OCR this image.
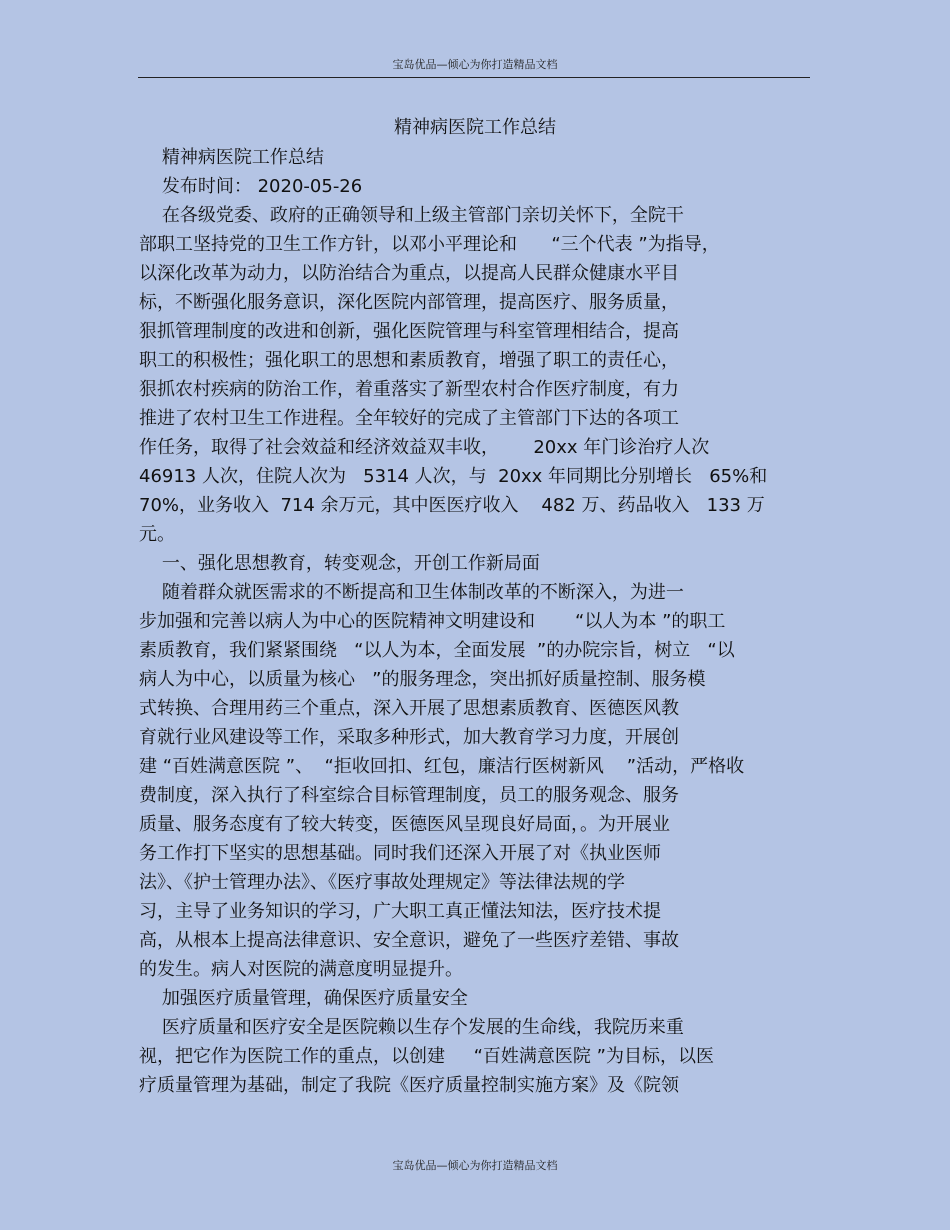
宝岛优品—倾心为你打造精品文档
精神病医院工作总结
精神病医院工作总结
发布时间： 2020-05-26
在各级党委、政府的正确领导和上级主管部门亲切关怀下，全院干
部职工坚持党的卫生工作方针，以邓小平理论和      “三个代表 ”为指导，
以深化改革为动力，以防治结合为重点，以提高人民群众健康水平目
标，不断强化服务意识，深化医院内部管理，提高医疗、服务质量，
狠抓管理制度的改进和创新，强化医院管理与科室管理相结合，提高
职工的积极性；强化职工的思想和素质教育，增强了职工的责任心，
狠抓农村疾病的防治工作，着重落实了新型农村合作医疗制度，有力
推进了农村卫生工作进程。全年较好的完成了主管部门下达的各项工
作任务，取得了社会效益和经济效益双丰收，      20xx 年门诊治疗人次
46913 人次，住院人次为   5314 人次，与  20xx 年同期比分别增长   65%和
70%，业务收入  714 余万元，其中医医疗收入    482 万、药品收入   133 万
元。
一、强化思想教育，转变观念，开创工作新局面
随着群众就医需求的不断提高和卫生体制改革的不断深入，为进一
步加强和完善以病人为中心的医院精神文明建设和       “以人为本 ”的职工
素质教育，我们紧紧围绕   “以人为本，全面发展  ”的办院宗旨，树立   “以
病人为中心，以质量为核心   ”的服务理念，突出抓好质量控制、服务模
式转换、合理用药三个重点，深入开展了思想素质教育、医德医风教
育就行业风建设等工作，采取多种形式，加大教育学习力度，开展创
建 “百姓满意医院 ”、  “拒收回扣、红包，廉洁行医树新风    ”活动，严格收
费制度，深入执行了科室综合目标管理制度，员工的服务观念、服务
质量、服务态度有了较大转变，医德医风呈现良好局面，。为开展业
务工作打下坚实的思想基础。同时我们还深入开展了对《执业医师
法》、《护士管理办法》、《医疗事故处理规定》等法律法规的学
习，主导了业务知识的学习，广大职工真正懂法知法，医疗技术提
高，从根本上提高法律意识、安全意识，避免了一些医疗差错、事故
的发生。病人对医院的满意度明显提升。
加强医疗质量管理，确保医疗质量安全
医疗质量和医疗安全是医院赖以生存个发展的生命线，我院历来重
视，把它作为医院工作的重点，以创建     “百姓满意医院 ”为目标，以医
疗质量管理为基础，制定了我院《医疗质量控制实施方案》及《院领
宝岛优品—倾心为你打造精品文档
